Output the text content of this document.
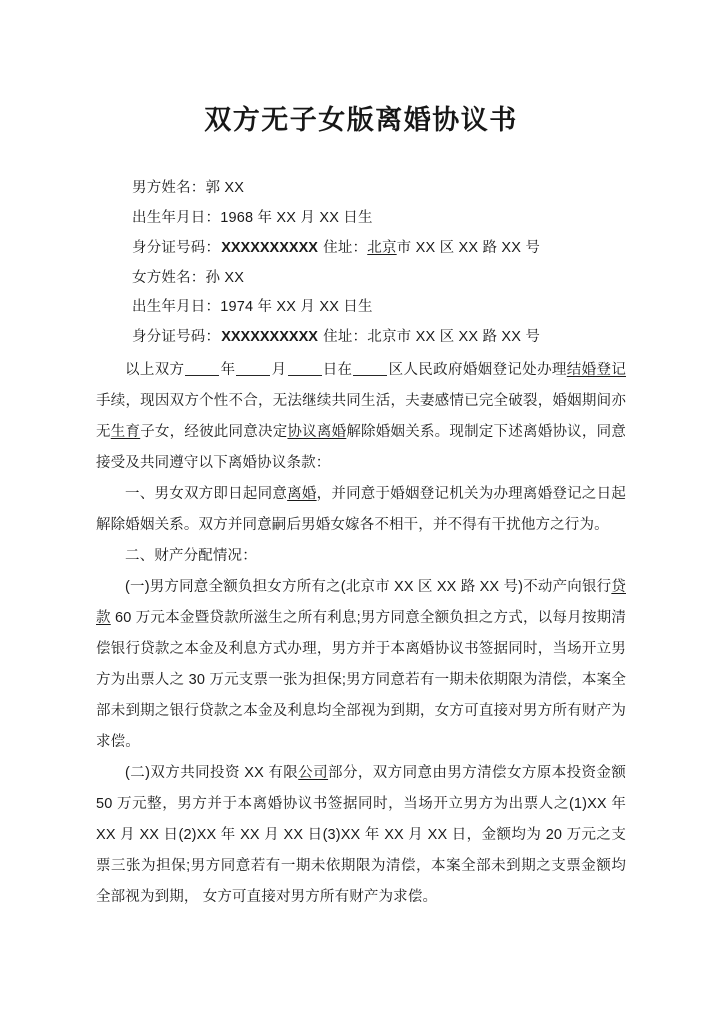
双方无子女版离婚协议书
男方姓名：郭 XX
出生年月日：1968 年 XX 月 XX 日生
身分证号码：XXXXXXXXXX 住址：北京市 XX 区 XX 路 XX 号
女方姓名：孙 XX
出生年月日：1974 年 XX 月 XX 日生
身分证号码：XXXXXXXXXX 住址：北京市 XX 区 XX 路 XX 号

以上双方 年 月 日在 区人民政府婚姻登记处办理结婚登记手续，现因双方个性不合，无法继续共同生活，夫妻感情已完全破裂，婚姻期间亦无生育子女，经彼此同意决定协议离婚解除婚姻关系。现制定下述离婚协议，同意接受及共同遵守以下离婚协议条款：

一、男女双方即日起同意离婚，并同意于婚姻登记机关为办理离婚登记之日起解除婚姻关系。双方并同意嗣后男婚女嫁各不相干，并不得有干扰他方之行为。

二、财产分配情况：

(一)男方同意全额负担女方所有之(北京市 XX 区 XX 路 XX 号)不动产向银行贷款 60 万元本金暨贷款所滋生之所有利息;男方同意全额负担之方式，以每月按期清偿银行贷款之本金及利息方式办理，男方并于本离婚协议书签据同时，当场开立男方为出票人之 30 万元支票一张为担保;男方同意若有一期未依期限为清偿，本案全部未到期之银行贷款之本金及利息均全部视为到期，女方可直接对男方所有财产为求偿。

(二)双方共同投资 XX 有限公司部分，双方同意由男方清偿女方原本投资金额 50 万元整，男方并于本离婚协议书签据同时，当场开立男方为出票人之(1)XX 年 XX 月 XX 日(2)XX 年 XX 月 XX 日(3)XX 年 XX 月 XX 日，金额均为 20 万元之支票三张为担保;男方同意若有一期未依期限为清偿，本案全部未到期之支票金额均全部视为到期， 女方可直接对男方所有财产为求偿。
